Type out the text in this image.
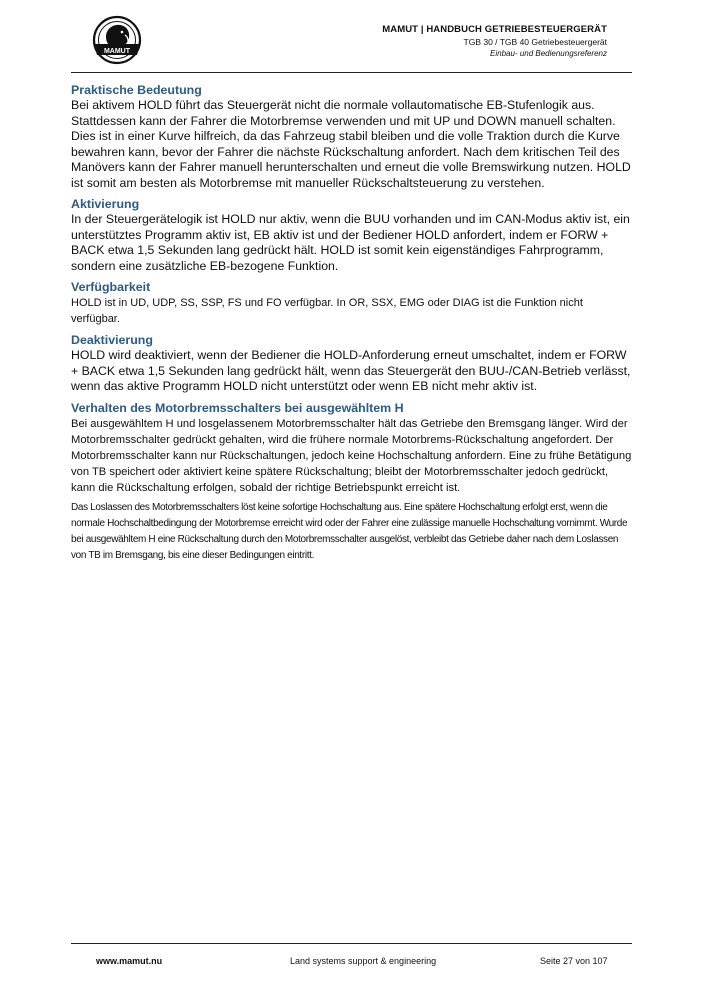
MAMUT
MAMUT | HANDBUCH GETRIEBESTEUERGERÄT
TGB 30 / TGB 40 Getriebesteuergerät
Einbau- und Bedienungsreferenz
Praktische Bedeutung

Bei aktivem HOLD führt das Steuergerät nicht die normale vollautomatische EB-Stufenlogik aus. Stattdessen kann der Fahrer die Motorbremse verwenden und mit UP und DOWN manuell schalten. Dies ist in einer Kurve hilfreich, da das Fahrzeug stabil bleiben und die volle Traktion durch die Kurve bewahren kann, bevor der Fahrer die nächste Rückschaltung anfordert. Nach dem kritischen Teil des Manövers kann der Fahrer manuell herunterschalten und erneut die volle Bremswirkung nutzen. HOLD ist somit am besten als Motorbremse mit manueller Rückschaltsteuerung zu verstehen.

Aktivierung

In der Steuergerätelogik ist HOLD nur aktiv, wenn die BUU vorhanden und im CAN-Modus aktiv ist, ein unterstütztes Programm aktiv ist, EB aktiv ist und der Bediener HOLD anfordert, indem er FORW + BACK etwa 1,5 Sekunden lang gedrückt hält. HOLD ist somit kein eigenständiges Fahrprogramm, sondern eine zusätzliche EB-bezogene Funktion.

Verfügbarkeit

HOLD ist in UD, UDP, SS, SSP, FS und FO verfügbar. In OR, SSX, EMG oder DIAG ist die Funktion nicht verfügbar.

Deaktivierung

HOLD wird deaktiviert, wenn der Bediener die HOLD-Anforderung erneut umschaltet, indem er FORW + BACK etwa 1,5 Sekunden lang gedrückt hält, wenn das Steuergerät den BUU-/CAN-Betrieb verlässt, wenn das aktive Programm HOLD nicht unterstützt oder wenn EB nicht mehr aktiv ist.

Verhalten des Motorbremsschalters bei ausgewähltem H

Bei ausgewähltem H und losgelassenem Motorbremsschalter hält das Getriebe den Bremsgang länger. Wird der Motorbremsschalter gedrückt gehalten, wird die frühere normale Motorbrems-Rückschaltung angefordert. Der Motorbremsschalter kann nur Rückschaltungen, jedoch keine Hochschaltung anfordern. Eine zu frühe Betätigung von TB speichert oder aktiviert keine spätere Rückschaltung; bleibt der Motorbremsschalter jedoch gedrückt, kann die Rückschaltung erfolgen, sobald der richtige Betriebspunkt erreicht ist.

Das Loslassen des Motorbremsschalters löst keine sofortige Hochschaltung aus. Eine spätere Hochschaltung erfolgt erst, wenn die normale Hochschaltbedingung der Motorbremse erreicht wird oder der Fahrer eine zulässige manuelle Hochschaltung vornimmt. Wurde bei ausgewähltem H eine Rückschaltung durch den Motorbremsschalter ausgelöst, verbleibt das Getriebe daher nach dem Loslassen von TB im Bremsgang, bis eine dieser Bedingungen eintritt.

www.mamut.nu	Land systems support & engineering	Seite 27 von 107
